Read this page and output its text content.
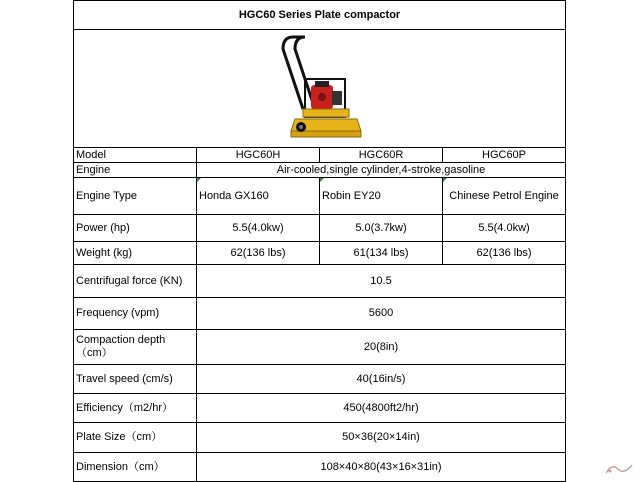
HGC60 Series Plate compactor			

Model	HGC60H	HGC60R	HGC60P
Engine	Air-cooled,single cylinder,4-stroke,gasoline		
Engine Type	Honda GX160	Robin EY20	Chinese Petrol Engine
Power (hp)	5.5(4.0kw)	5.0(3.7kw)	5.5(4.0kw)
Weight (kg)	62(136 lbs)	61(134 lbs)	62(136 lbs)
Centrifugal force (KN)	10.5		
Frequency (vpm)	5600		
Compaction depth （cm）	20(8in)		
Travel speed (cm/s)	40(16in/s)		
Efficiency（m2/hr）	450(4800ft2/hr)		
Plate Size（cm）	50×36(20×14in)		
Dimension（cm）	108×40×80(43×16×31in)		
